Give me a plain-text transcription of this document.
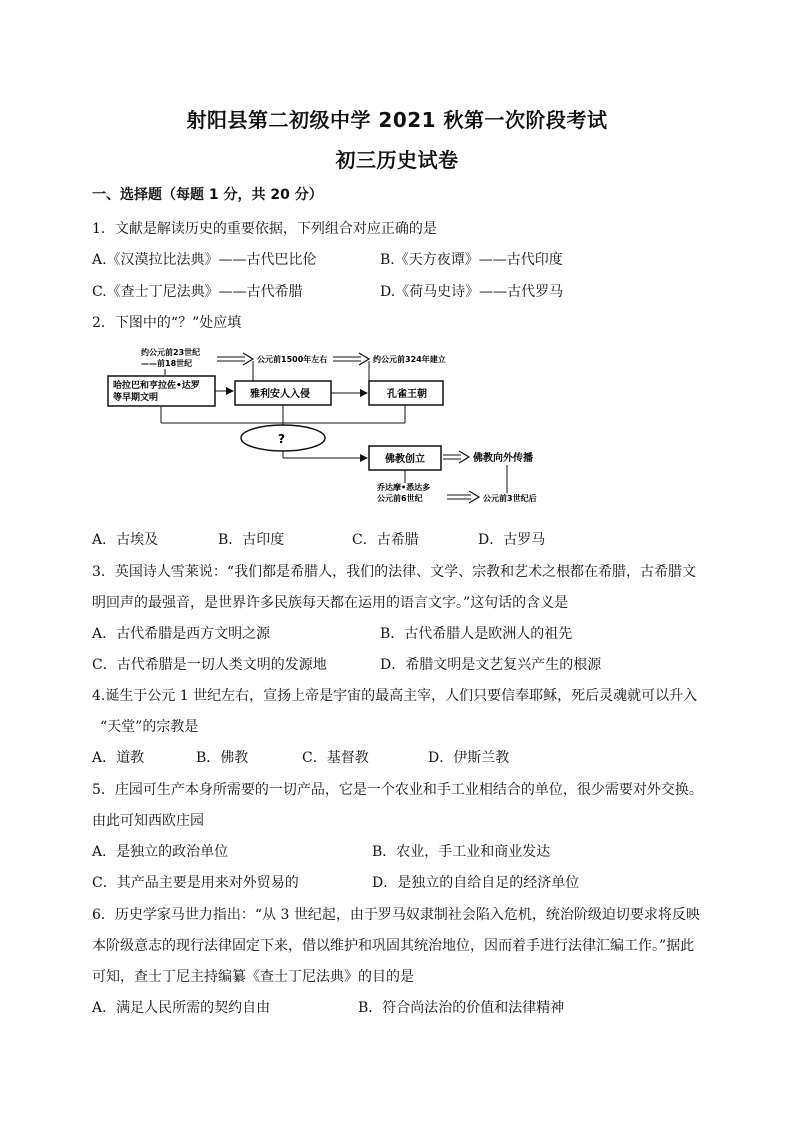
射阳县第二初级中学 2021 秋第一次阶段考试
初三历史试卷
一、选择题（每题 1 分，共 20 分）
1．文献是解读历史的重要依据，下列组合对应正确的是
A.《汉漠拉比法典》——古代巴比伦	B.《天方夜谭》——古代印度
C.《查士丁尼法典》——古代希腊	D.《荷马史诗》——古代罗马
2．下图中的“？”处应填
约公元前23世纪
——前18世纪	公元前1500年左右	约公元前324年建立
哈拉巴和亨拉佐•达罗
等早期文明	雅利安人入侵	孔雀王朝
?
佛教创立	佛教向外传播
乔达摩•悉达多
公元前6世纪	公元前3世纪后
A．古埃及	B．古印度	C．古希腊	D．古罗马
3．英国诗人雪莱说：“我们都是希腊人，我们的法律、文学、宗教和艺术之根都在希腊，古希腊文
明回声的最强音，是世界许多民族每天都在运用的语言文字。”这句话的含义是
A．古代希腊是西方文明之源	B．古代希腊人是欧洲人的祖先
C．古代希腊是一切人类文明的发源地	D．希腊文明是文艺复兴产生的根源
4.诞生于公元 1 世纪左右，宣扬上帝是宇宙的最高主宰，人们只要信奉耶稣，死后灵魂就可以升入
“天堂”的宗教是
A．道教	B．佛教	C．基督教	D．伊斯兰教
5．庄园可生产本身所需要的一切产品，它是一个农业和手工业相结合的单位，很少需要对外交换。
由此可知西欧庄园
A．是独立的政治单位	B．农业，手工业和商业发达
C．其产品主要是用来对外贸易的	D．是独立的自给自足的经济单位
6．历史学家马世力指出：“从 3 世纪起，由于罗马奴隶制社会陷入危机，统治阶级迫切要求将反映
本阶级意志的现行法律固定下来，借以维护和巩固其统治地位，因而着手进行法律汇编工作。”据此
可知，查士丁尼主持编纂《查士丁尼法典》的目的是
A．满足人民所需的契约自由	B．符合尚法治的价值和法律精神
